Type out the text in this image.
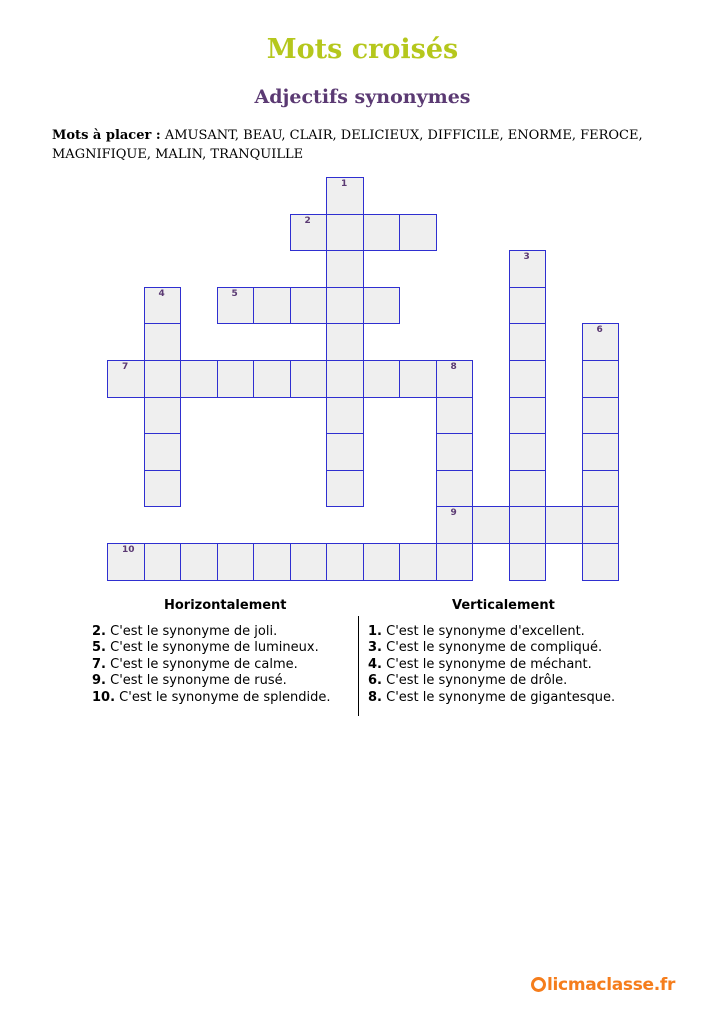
Mots croisés
Adjectifs synonymes
Mots à placer : AMUSANT, BEAU, CLAIR, DELICIEUX, DIFFICILE, ENORME, FEROCE, MAGNIFIQUE, MALIN, TRANQUILLE
1
2
3
4	5
6
7	8
9
10
Horizontalement	Verticalement
2. C'est le synonyme de joli.
5. C'est le synonyme de lumineux.
7. C'est le synonyme de calme.
9. C'est le synonyme de rusé.
10. C'est le synonyme de splendide.
1. C'est le synonyme d'excellent.
3. C'est le synonyme de compliqué.
4. C'est le synonyme de méchant.
6. C'est le synonyme de drôle.
8. C'est le synonyme de gigantesque.
licmaclasse.fr
